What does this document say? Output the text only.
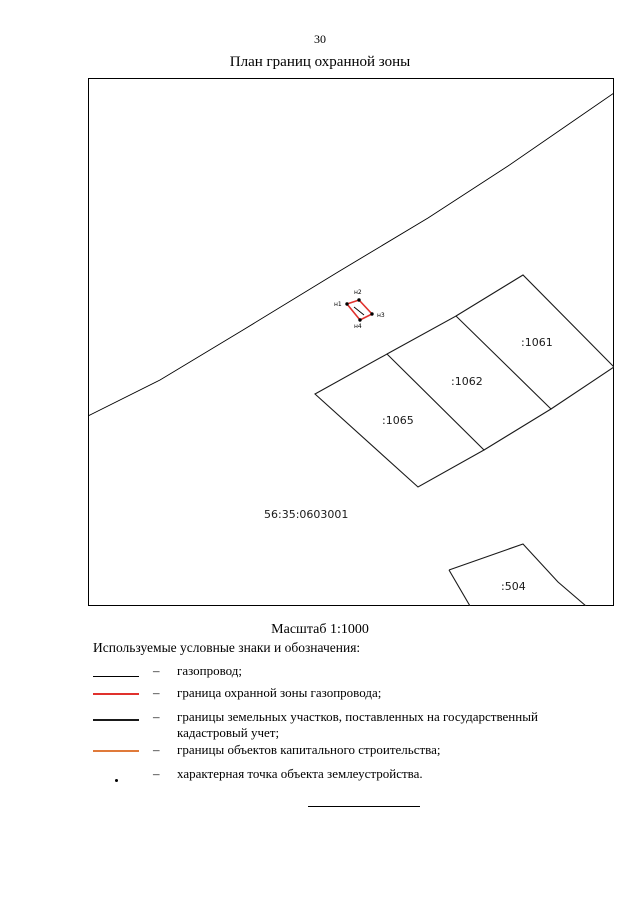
30
План границ охранной зоны
н1
н2
н3
н4
:1061
:1062
:1065
:504
56:35:0603001
Масштаб 1:1000
Используемые условные знаки и обозначения:
– газопровод;
– граница охранной зоны газопровода;
– границы земельных участков, поставленных на государственный кадастровый учет;
– границы объектов капитального строительства;
– характерная точка объекта землеустройства.
